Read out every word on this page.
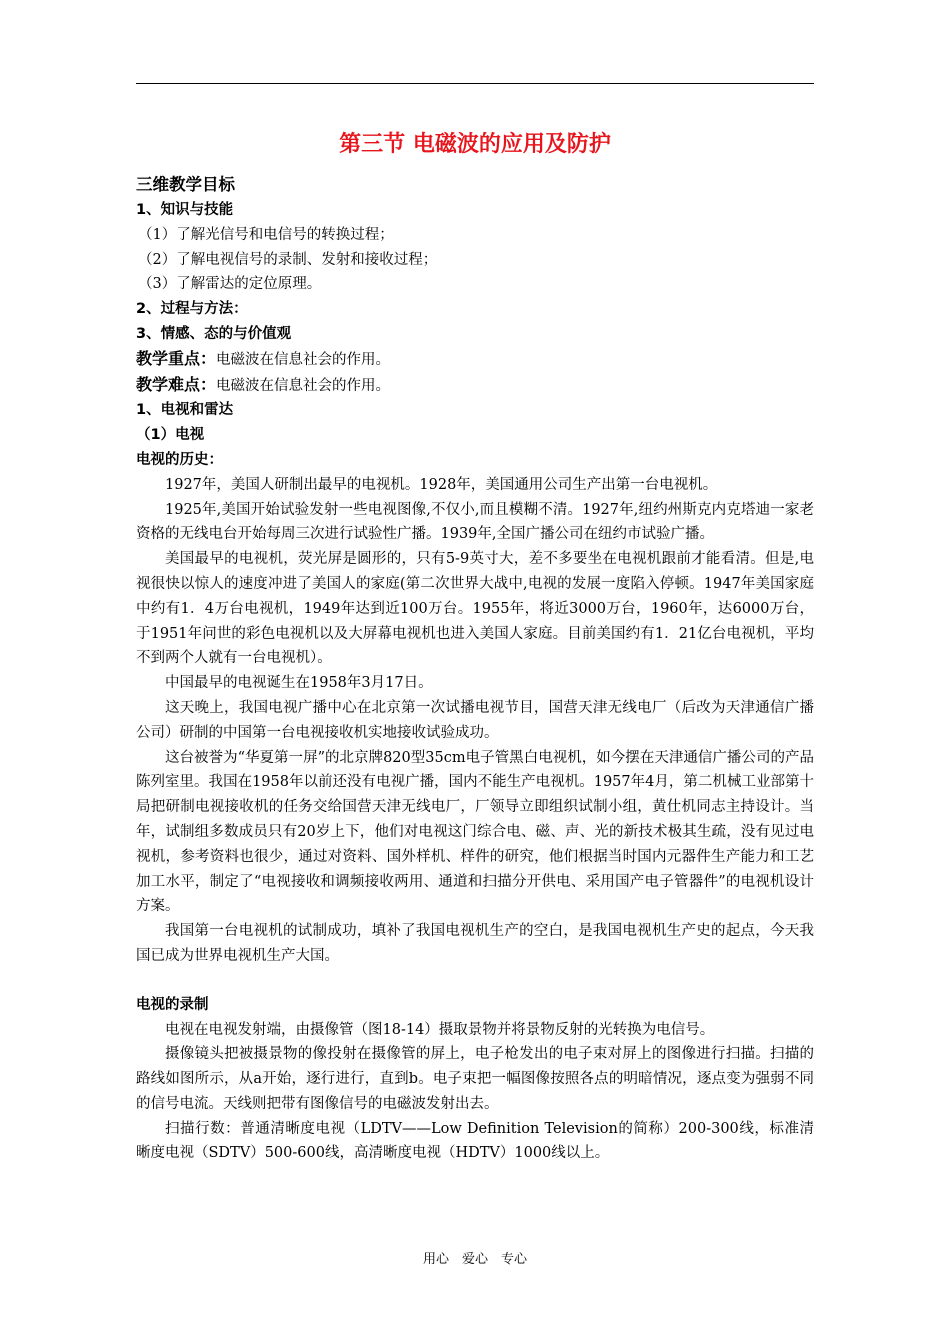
第三节 电磁波的应用及防护

三维教学目标

1、知识与技能

（1）了解光信号和电信号的转换过程；

（2）了解电视信号的录制、发射和接收过程；

（3）了解雷达的定位原理。

2、过程与方法：

3、情感、态的与价值观

教学重点：电磁波在信息社会的作用。

教学难点：电磁波在信息社会的作用。

1、电视和雷达

（1）电视

电视的历史：

1927年，美国人研制出最早的电视机。1928年，美国通用公司生产出第一台电视机。

1925年,美国开始试验发射一些电视图像,不仅小,而且模糊不清。1927年,纽约州斯克内克塔迪一家老资格的无线电台开始每周三次进行试验性广播。1939年,全国广播公司在纽约市试验广播。

美国最早的电视机，荧光屏是圆形的，只有5-9英寸大，差不多要坐在电视机跟前才能看清。但是,电视很快以惊人的速度冲进了美国人的家庭(第二次世界大战中,电视的发展一度陷入停顿。1947年美国家庭中约有1．4万台电视机，1949年达到近100万台。1955年，将近3000万台，1960年，达6000万台，于1951年问世的彩色电视机以及大屏幕电视机也进入美国人家庭。目前美国约有1．21亿台电视机，平均不到两个人就有一台电视机）。

中国最早的电视诞生在1958年3月17日。

这天晚上，我国电视广播中心在北京第一次试播电视节目，国营天津无线电厂（后改为天津通信广播公司）研制的中国第一台电视接收机实地接收试验成功。

这台被誉为“华夏第一屏”的北京牌820型35cm电子管黑白电视机，如今摆在天津通信广播公司的产品陈列室里。我国在1958年以前还没有电视广播，国内不能生产电视机。1957年4月，第二机械工业部第十局把研制电视接收机的任务交给国营天津无线电厂，厂领导立即组织试制小组，黄仕机同志主持设计。当年，试制组多数成员只有20岁上下，他们对电视这门综合电、磁、声、光的新技术极其生疏，没有见过电视机，参考资料也很少，通过对资料、国外样机、样件的研究，他们根据当时国内元器件生产能力和工艺加工水平，制定了“电视接收和调频接收两用、通道和扫描分开供电、采用国产电子管器件”的电视机设计方案。

我国第一台电视机的试制成功，填补了我国电视机生产的空白，是我国电视机生产史的起点，今天我国已成为世界电视机生产大国。

电视的录制

电视在电视发射端，由摄像管（图18-14）摄取景物并将景物反射的光转换为电信号。

摄像镜头把被摄景物的像投射在摄像管的屏上，电子枪发出的电子束对屏上的图像进行扫描。扫描的路线如图所示，从a开始，逐行进行，直到b。电子束把一幅图像按照各点的明暗情况，逐点变为强弱不同的信号电流。天线则把带有图像信号的电磁波发射出去。

扫描行数：普通清晰度电视（LDTV——Low Definition Television的简称）200-300线，标准清晰度电视（SDTV）500-600线，高清晰度电视（HDTV）1000线以上。

用心　爱心　专心
